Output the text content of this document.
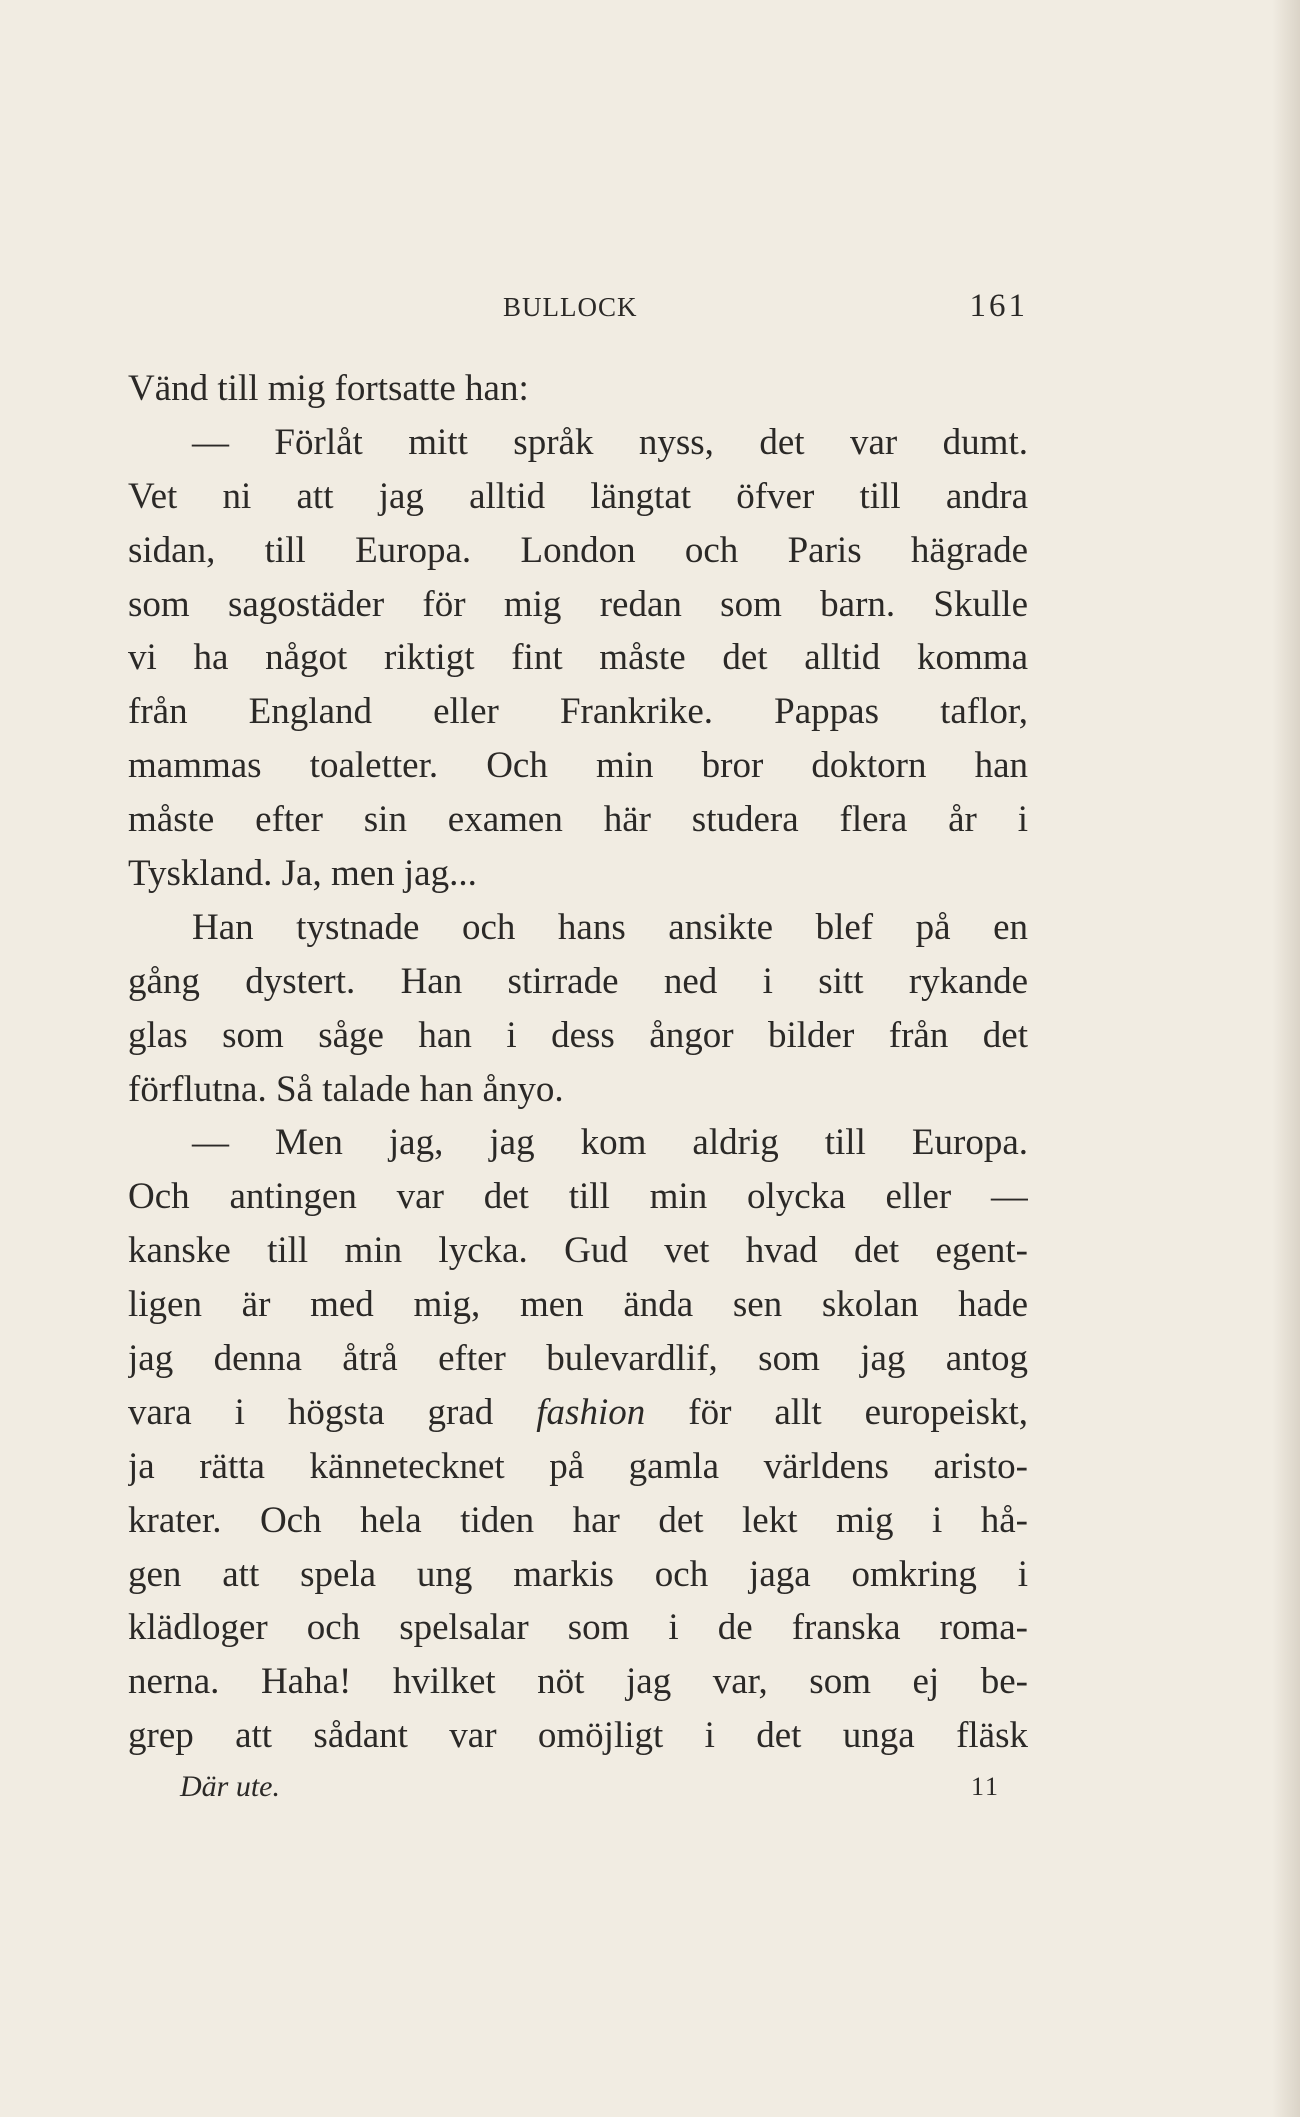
BULLOCK	161
Vänd till mig fortsatte han:
— Förlåt mitt språk nyss, det var dumt.
Vet ni att jag alltid längtat öfver till andra
sidan, till Europa. London och Paris hägrade
som sagostäder för mig redan som barn. Skulle
vi ha något riktigt fint måste det alltid komma
från England eller Frankrike. Pappas taflor,
mammas toaletter. Och min bror doktorn han
måste efter sin examen här studera flera år i
Tyskland. Ja, men jag...
Han tystnade och hans ansikte blef på en
gång dystert. Han stirrade ned i sitt rykande
glas som såge han i dess ångor bilder från det
förflutna. Så talade han ånyo.
— Men jag, jag kom aldrig till Europa.
Och antingen var det till min olycka eller —
kanske till min lycka. Gud vet hvad det egent-
ligen är med mig, men ända sen skolan hade
jag denna åtrå efter bulevardlif, som jag antog
vara i högsta grad fashion för allt europeiskt,
ja rätta kännetecknet på gamla världens aristo-
krater. Och hela tiden har det lekt mig i hå-
gen att spela ung markis och jaga omkring i
klädloger och spelsalar som i de franska roma-
nerna. Haha! hvilket nöt jag var, som ej be-
grep att sådant var omöjligt i det unga fläsk
Där ute.	11
